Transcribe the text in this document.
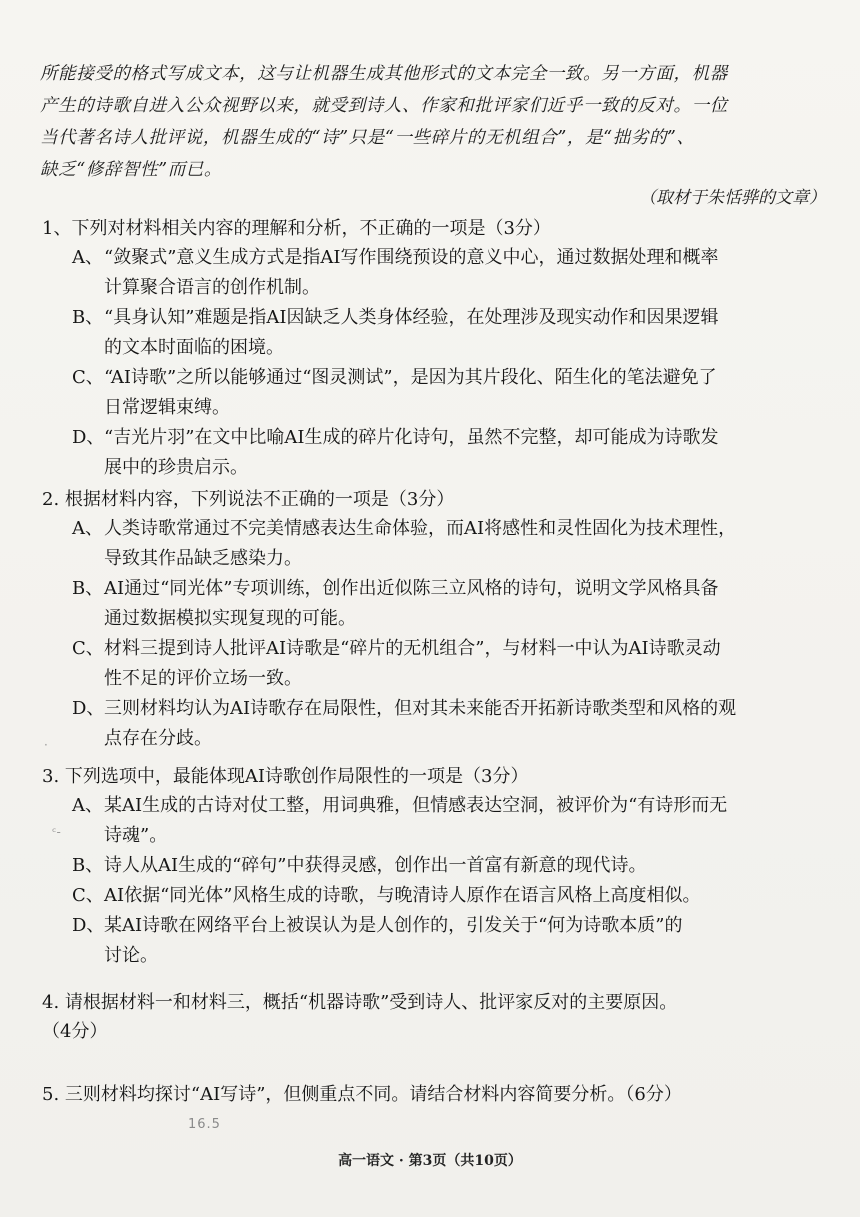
所能接受的格式写成文本，这与让机器生成其他形式的文本完全一致。另一方面，机器
产生的诗歌自进入公众视野以来，就受到诗人、作家和批评家们近乎一致的反对。一位
当代著名诗人批评说，机器生成的“诗”只是“一些碎片的无机组合”，是“拙劣的”、
缺乏“修辞智性”而已。
（取材于朱恬骅的文章）
1、下列对材料相关内容的理解和分析，不正确的一项是（3分）
A、 “敛聚式”意义生成方式是指AI写作围绕预设的意义中心，通过数据处理和概率
计算聚合语言的创作机制。
B、 “具身认知”难题是指AI因缺乏人类身体经验，在处理涉及现实动作和因果逻辑
的文本时面临的困境。
C、 “AI诗歌”之所以能够通过“图灵测试”，是因为其片段化、陌生化的笔法避免了
日常逻辑束缚。
D、 “吉光片羽”在文中比喻AI生成的碎片化诗句，虽然不完整，却可能成为诗歌发
展中的珍贵启示。
2. 根据材料内容，下列说法不正确的一项是（3分）
A、 人类诗歌常通过不完美情感表达生命体验，而AI将感性和灵性固化为技术理性，
导致其作品缺乏感染力。
B、 AI通过“同光体”专项训练，创作出近似陈三立风格的诗句，说明文学风格具备
通过数据模拟实现复现的可能。
C、 材料三提到诗人批评AI诗歌是“碎片的无机组合”，与材料一中认为AI诗歌灵动
性不足的评价立场一致。
D、 三则材料均认为AI诗歌存在局限性，但对其未来能否开拓新诗歌类型和风格的观
点存在分歧。
3. 下列选项中，最能体现AI诗歌创作局限性的一项是（3分）
A、 某AI生成的古诗对仗工整，用词典雅，但情感表达空洞，被评价为“有诗形而无
诗魂”。
B、 诗人从AI生成的“碎句”中获得灵感，创作出一首富有新意的现代诗。
C、 AI依据“同光体”风格生成的诗歌，与晚清诗人原作在语言风格上高度相似。
D、 某AI诗歌在网络平台上被误认为是人创作的，引发关于“何为诗歌本质”的
讨论。
4. 请根据材料一和材料三，概括“机器诗歌”受到诗人、批评家反对的主要原因。
（4分）
5. 三则材料均探讨“AI写诗”，但侧重点不同。请结合材料内容简要分析。（6分）
16.5
·
ᶜ-
高一语文 · 第3页（共10页）
